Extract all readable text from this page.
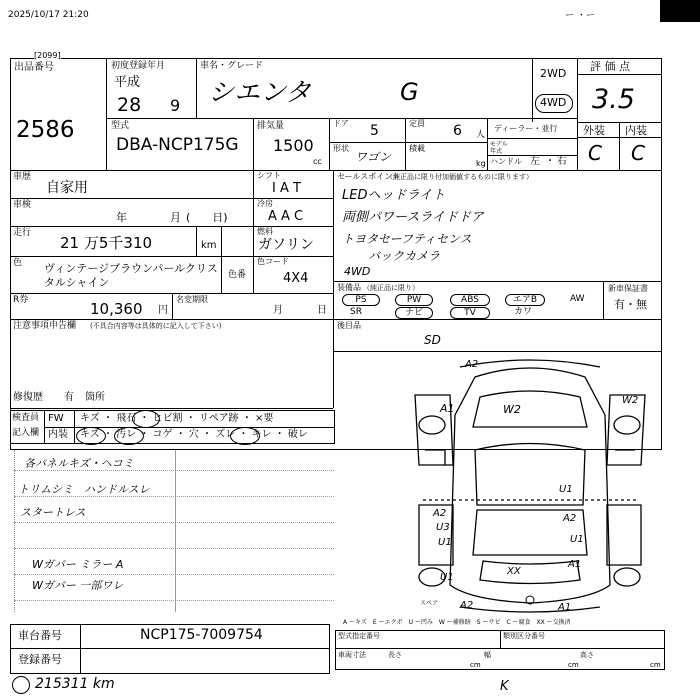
2025/10/17 21:20	ー ・ー
[2099]
出品番号
2586
初度登録年月
平成
28 9
車名・グレード
シエンタ	G
2WD
4WD
評 価 点
3.5
外装 内装
C C
型式
DBA-NCP175G
排気量
1500
cc
ドア 5
形状
ワゴン
定員 6 人
積載
kg
ディーラー・並行
モデル
年式
ハンドル 左 ・ 右
車歴
自家用
シフト
I A T
車検
年	月 (　　日)
冷房
A A C
走行
21 万5千310	km
燃料
ガソリン
色 ヴィンテージブラウンパールクリスタルシャイン
色番
色コード
4X4
R券	10,360 円
名変期限
月	日
注意事項申告欄 (不具合内容等は具体的に記入して下さい)
修復歴 有 箇所
セールスポイント
（純正品に限り付加価値するものに限ります）
LEDヘッドライト
両側パワースライドドア
トヨタセーフティセンス
バックカメラ
4WD
装備品 （純正品に限り）
PS	PW	ABS	エアB	AW
SR	ナビ	TV	カワ
新車保証書
有・無
後目品
SD
検査員
記入欄
FW キズ ・ 飛石 ・ ヒビ割 ・ リペア跡 ・ ×要
内装 キズ ・ 汚レ ・ コゲ ・ 穴 ・ ズレ ・ キレ ・ 破レ
各パネルキズ・ヘコミ
トリムシミ　ハンドルスレ
スタートレス
Wガバー ミラー A
Wガバー 一部ワレ
A2
A1	W2
W2
U1
A2
U3
U1
A2
U1
A1
U1
XX
A2	A1
スペア
A ーキズ　E ーエクボ　U ー凹み　W ー補修跡　S ーサビ　C ー腐食　XX ー交換済
車台番号	NCP175-7009754
登録番号
型式指定番号	類別区分番号
車両寸法	長さ
cm
幅
cm
高さ
cm
215311 km	K
